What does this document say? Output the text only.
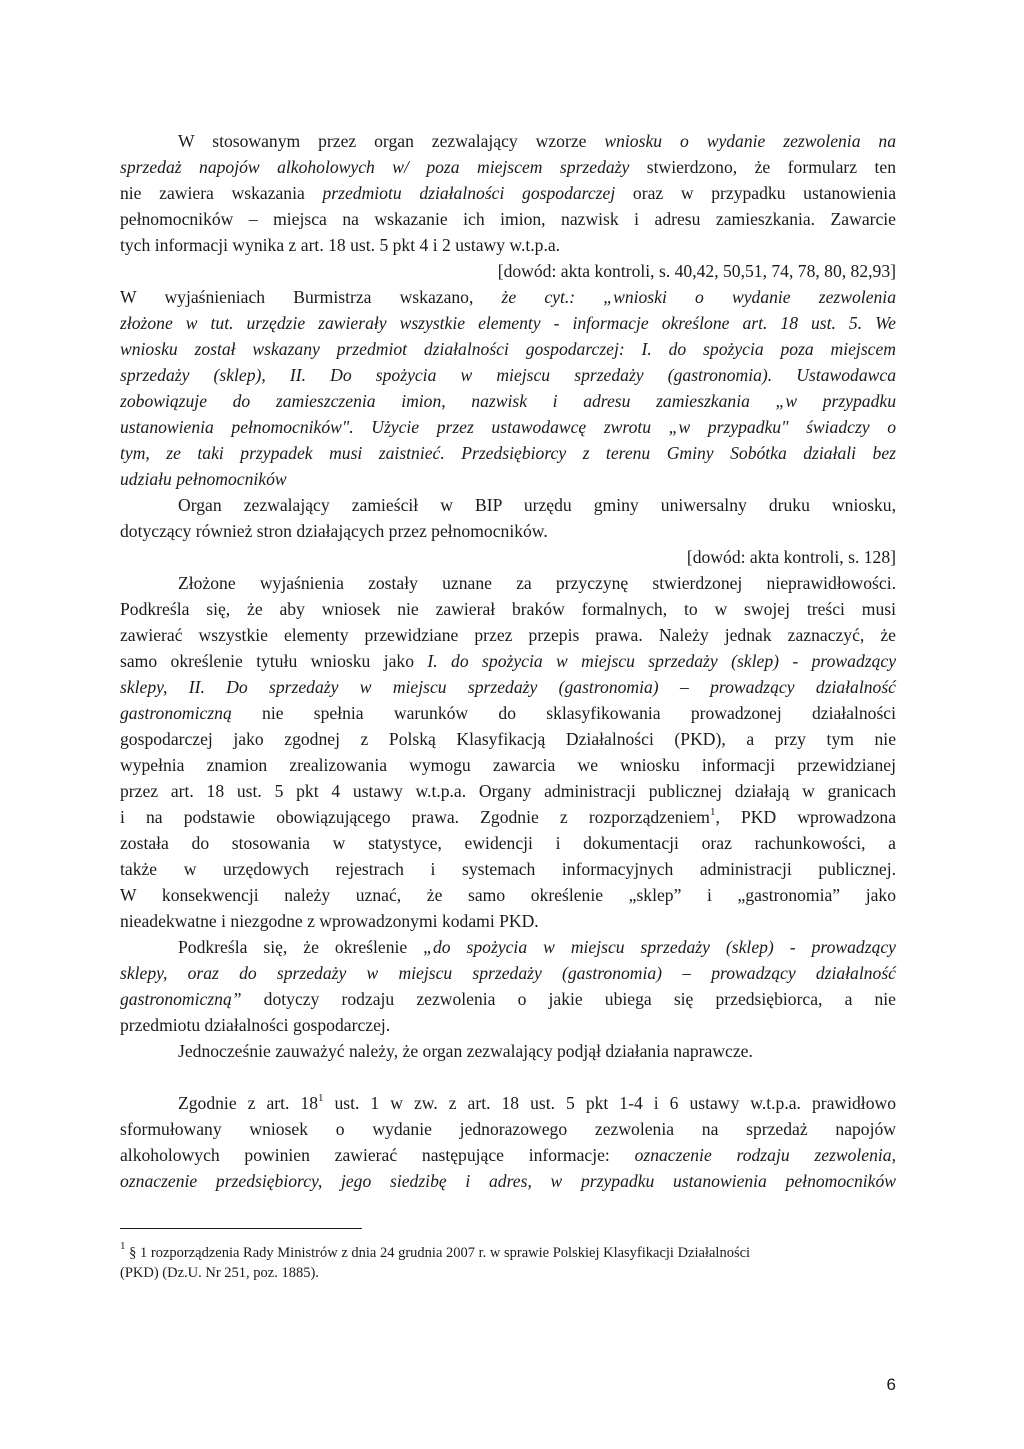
W stosowanym przez organ zezwalający wzorze wniosku o wydanie zezwolenia na
sprzedaż napojów alkoholowych w/ poza miejscem sprzedaży stwierdzono, że formularz ten
nie zawiera wskazania przedmiotu działalności gospodarczej oraz w przypadku ustanowienia
pełnomocników – miejsca na wskazanie ich imion, nazwisk i adresu zamieszkania. Zawarcie
tych informacji wynika z art. 18 ust. 5 pkt 4 i 2 ustawy w.t.p.a.
[dowód: akta kontroli, s. 40,42, 50,51, 74, 78, 80, 82,93]
W wyjaśnieniach Burmistrza wskazano, że cyt.: „wnioski o wydanie zezwolenia
złożone w tut. urzędzie zawierały wszystkie elementy - informacje określone art. 18 ust. 5. We
wniosku został wskazany przedmiot działalności gospodarczej: I. do spożycia poza miejscem
sprzedaży (sklep), II. Do spożycia w miejscu sprzedaży (gastronomia). Ustawodawca
zobowiązuje do zamieszczenia imion, nazwisk i adresu zamieszkania „w przypadku
ustanowienia pełnomocników". Użycie przez ustawodawcę zwrotu „w przypadku" świadczy o
tym, ze taki przypadek musi zaistnieć. Przedsiębiorcy z terenu Gminy Sobótka działali bez
udziału pełnomocników
Organ zezwalający zamieścił w BIP urzędu gminy uniwersalny druku wniosku,
dotyczący również stron działających przez pełnomocników.
[dowód: akta kontroli, s. 128]
Złożone wyjaśnienia zostały uznane za przyczynę stwierdzonej nieprawidłowości.
Podkreśla się, że aby wniosek nie zawierał braków formalnych, to w swojej treści musi
zawierać wszystkie elementy przewidziane przez przepis prawa. Należy jednak zaznaczyć, że
samo określenie tytułu wniosku jako I. do spożycia w miejscu sprzedaży (sklep) - prowadzący
sklepy, II. Do sprzedaży w miejscu sprzedaży (gastronomia) – prowadzący działalność
gastronomiczną nie spełnia warunków do sklasyfikowania prowadzonej działalności
gospodarczej jako zgodnej z Polską Klasyfikacją Działalności (PKD), a przy tym nie
wypełnia znamion zrealizowania wymogu zawarcia we wniosku informacji przewidzianej
przez art. 18 ust. 5 pkt 4 ustawy w.t.p.a. Organy administracji publicznej działają w granicach
i na podstawie obowiązującego prawa. Zgodnie z rozporządzeniem$^1$, PKD wprowadzona
została do stosowania w statystyce, ewidencji i dokumentacji oraz rachunkowości, a
także w urzędowych rejestrach i systemach informacyjnych administracji publicznej.
W konsekwencji należy uznać, że samo określenie „sklep” i „gastronomia” jako
nieadekwatne i niezgodne z wprowadzonymi kodami PKD.
Podkreśla się, że określenie „do spożycia w miejscu sprzedaży (sklep) - prowadzący
sklepy, oraz do sprzedaży w miejscu sprzedaży (gastronomia) – prowadzący działalność
gastronomiczną” dotyczy rodzaju zezwolenia o jakie ubiega się przedsiębiorca, a nie
przedmiotu działalności gospodarczej.
Jednocześnie zauważyć należy, że organ zezwalający podjął działania naprawcze.
Zgodnie z art. $18^1$ ust. 1 w zw. z art. 18 ust. 5 pkt 1-4 i 6 ustawy w.t.p.a. prawidłowo
sformułowany wniosek o wydanie jednorazowego zezwolenia na sprzedaż napojów
alkoholowych powinien zawierać następujące informacje: oznaczenie rodzaju zezwolenia,
oznaczenie przedsiębiorcy, jego siedzibę i adres, w przypadku ustanowienia pełnomocników
$^1$ § 1 rozporządzenia Rady Ministrów z dnia 24 grudnia 2007 r. w sprawie Polskiej Klasyfikacji Działalności
(PKD) (Dz.U. Nr 251, poz. 1885).
6
